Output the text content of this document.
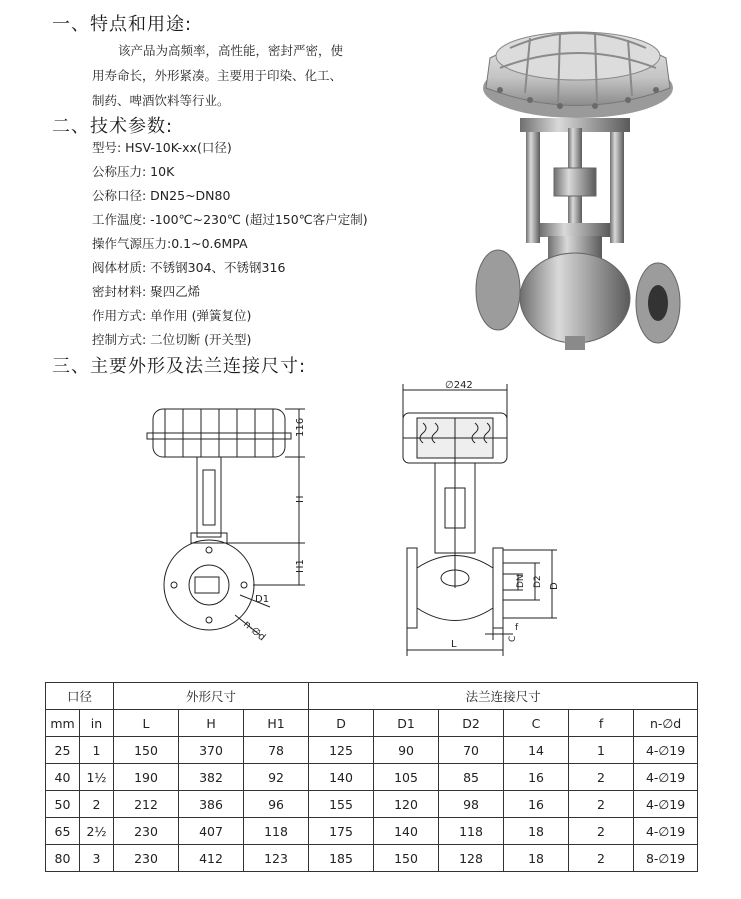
一、特点和用途:
该产品为高频率，高性能，密封严密，使
用寿命长，外形紧凑。主要用于印染、化工、
制药、啤酒饮料等行业。
二、技术参数:
型号: HSV-10K-xx(口径)
公称压力: 10K
公称口径: DN25~DN80
工作温度: -100℃~230℃ (超过150℃客户定制)
操作气源压力:0.1~0.6MPA
阀体材质: 不锈钢304、不锈钢316
密封材料: 聚四乙烯
作用方式: 单作用 (弹簧复位)
控制方式: 二位切断 (开关型)
三、主要外形及法兰连接尺寸:
116
H
H1
D1
n-∅d
∅242
DN D2 D
L
f
C
口径		外形尺寸			法兰连接尺寸					
mm	in	L	H	H1	D	D1	D2	C	f	n-∅d
25	1	150	370	78	125	90	70	14	1	4-∅19
40	1½	190	382	92	140	105	85	16	2	4-∅19
50	2	212	386	96	155	120	98	16	2	4-∅19
65	2½	230	407	118	175	140	118	18	2	4-∅19
80	3	230	412	123	185	150	128	18	2	8-∅19
